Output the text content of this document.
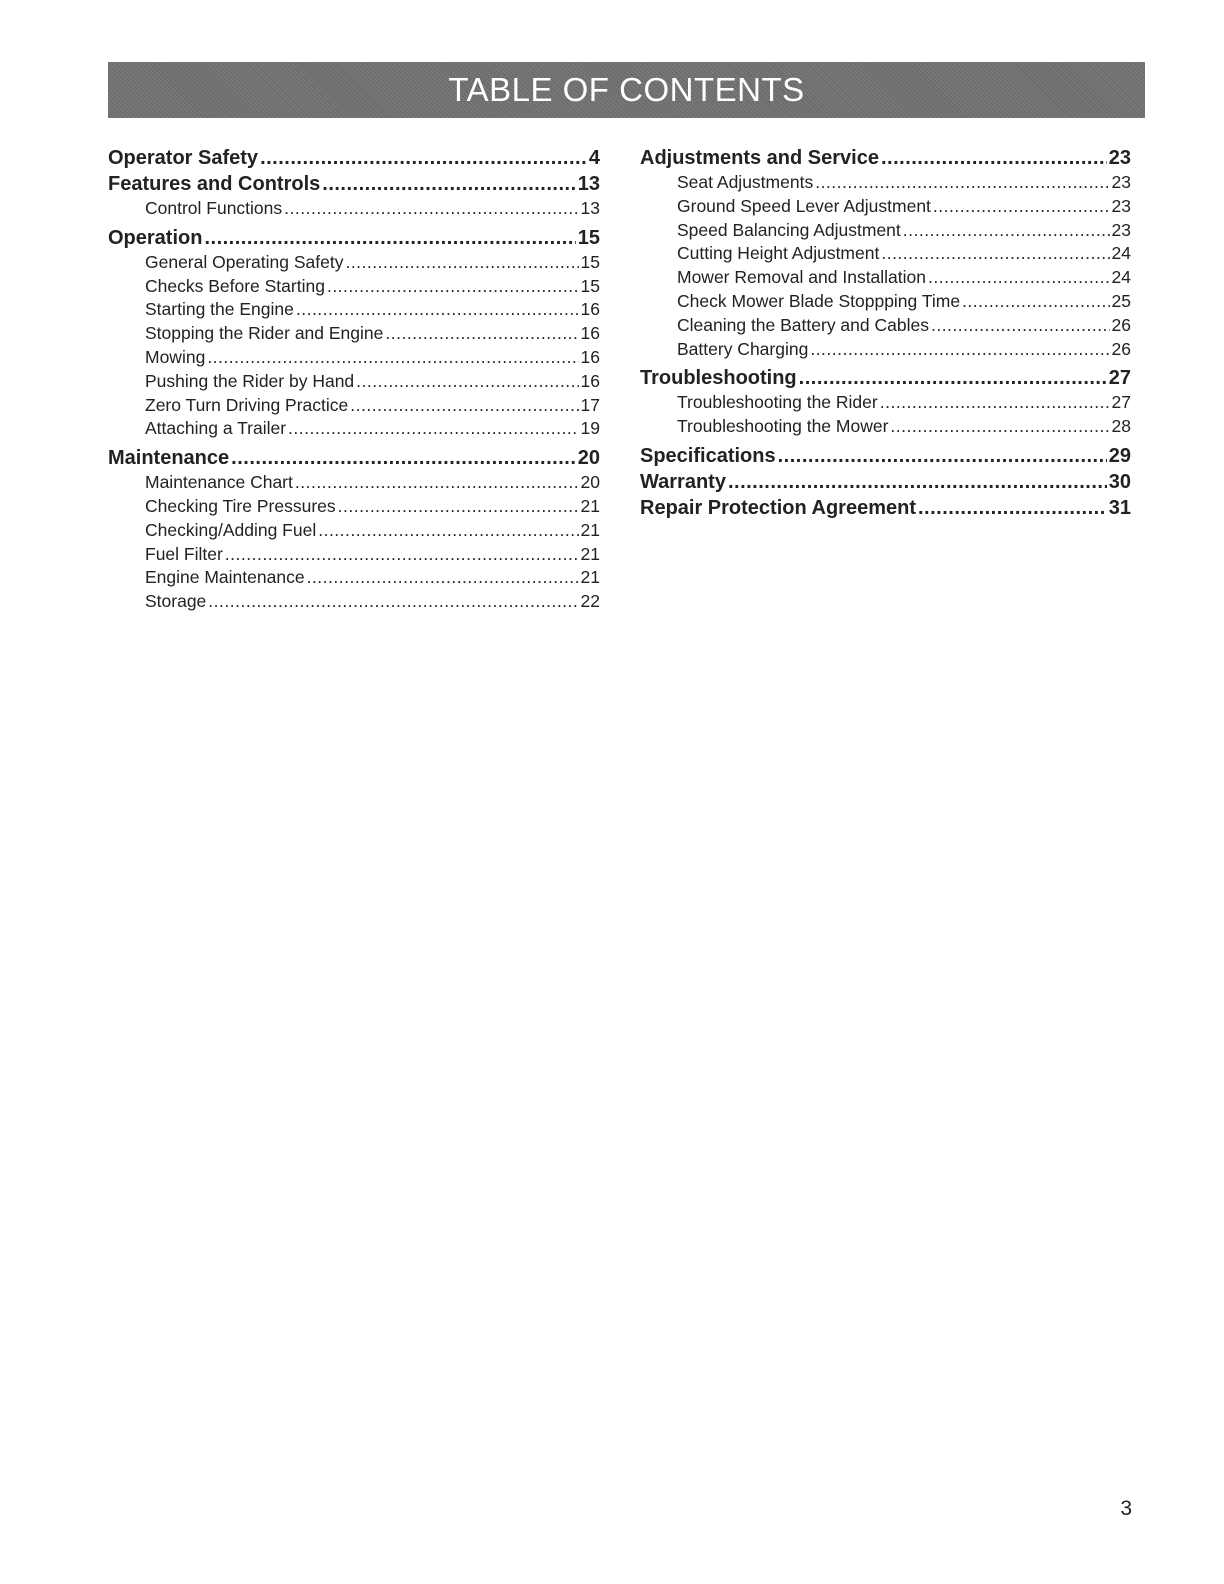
TABLE OF CONTENTS
Operator Safety .....	4
Features and Controls .....	13
Control Functions .....	13
Operation .....	15
General Operating Safety .....	15
Checks Before Starting .....	15
Starting the Engine .....	16
Stopping the Rider and Engine .....	16
Mowing .....	16
Pushing the Rider by Hand .....	16
Zero Turn Driving Practice .....	17
Attaching a Trailer .....	19
Maintenance .....	20
Maintenance Chart .....	20
Checking Tire Pressures .....	21
Checking/Adding Fuel .....	21
Fuel Filter .....	21
Engine Maintenance .....	21
Storage .....	22
Adjustments and Service .....	23
Seat Adjustments .....	23
Ground Speed Lever Adjustment .....	23
Speed Balancing Adjustment .....	23
Cutting Height Adjustment .....	24
Mower Removal and Installation .....	24
Check Mower Blade Stoppping Time .....	25
Cleaning the Battery and Cables .....	26
Battery Charging .....	26
Troubleshooting .....	27
Troubleshooting the Rider .....	27
Troubleshooting the Mower .....	28
Specifications .....	29
Warranty .....	30
Repair Protection Agreement .....	31
3
